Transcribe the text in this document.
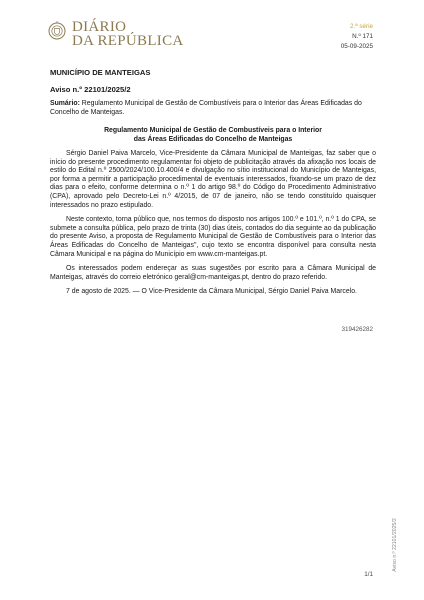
DIÁRIO
DA REPÚBLICA
2.ª série
N.º 171
05-09-2025
MUNICÍPIO DE MANTEIGAS
Aviso n.º 22101/2025/2
Sumário: Regulamento Municipal de Gestão de Combustíveis para o Interior das Áreas Edificadas do Concelho de Manteigas.
Regulamento Municipal de Gestão de Combustíveis para o Interior
das Áreas Edificadas do Concelho de Manteigas

Sérgio Daniel Paiva Marcelo, Vice-Presidente da Câmara Municipal de Manteigas, faz saber que o início do presente procedimento regulamentar foi objeto de publicitação através da afixação nos locais de estilo do Edital n.º 2500/2024/100.10.400/4 e divulgação no sítio institucional do Município de Manteigas, por forma a permitir a participação procedimental de eventuais interessados, fixando-se um prazo de dez dias para o efeito, conforme determina o n.º 1 do artigo 98.º do Código do Procedimento Administrativo (CPA), aprovado pelo Decreto-Lei n.º 4/2015, de 07 de janeiro, não se tendo constituído quaisquer interessados no prazo estipulado.

Neste contexto, torna público que, nos termos do disposto nos artigos 100.º e 101.º, n.º 1 do CPA, se submete a consulta pública, pelo prazo de trinta (30) dias úteis, contados do dia seguinte ao da publicação do presente Aviso, a proposta de Regulamento Municipal de Gestão de Combustíveis para o Interior das Áreas Edificadas do Concelho de Manteigas", cujo texto se encontra disponível para consulta nesta Câmara Municipal e na página do Município em www.cm-manteigas.pt.

Os interessados podem endereçar as suas sugestões por escrito para a Câmara Municipal de Manteigas, através do correio eletrónico geral@cm-manteigas.pt, dentro do prazo referido.

7 de agosto de 2025. — O Vice-Presidente da Câmara Municipal, Sérgio Daniel Paiva Marcelo.

319426282
Aviso n.º 22101/2025/2
1/1
